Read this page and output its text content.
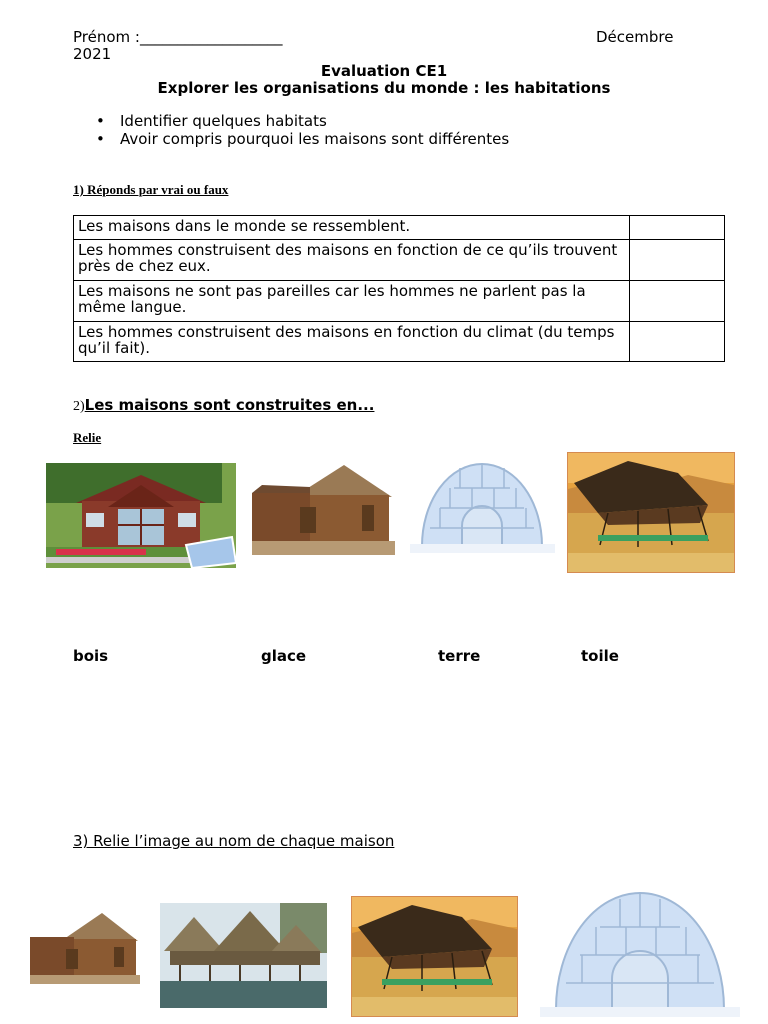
Prénom :___________________	Décembre
2021
Evaluation CE1
Explorer les organisations du monde : les habitations
• Identifier quelques habitats
• Avoir compris pourquoi les maisons sont différentes
1) Réponds par vrai ou faux
Les maisons dans le monde se ressemblent.	
Les hommes construisent des maisons en fonction de ce qu’ils trouvent près de chez eux.	
Les maisons ne sont pas pareilles car les hommes ne parlent pas la même langue.	
Les hommes construisent des maisons en fonction du climat (du temps qu’il fait).	
2)Les maisons sont construites en...
Relie
bois	glace	terre	toile
3) Relie l’image au nom de chaque maison
